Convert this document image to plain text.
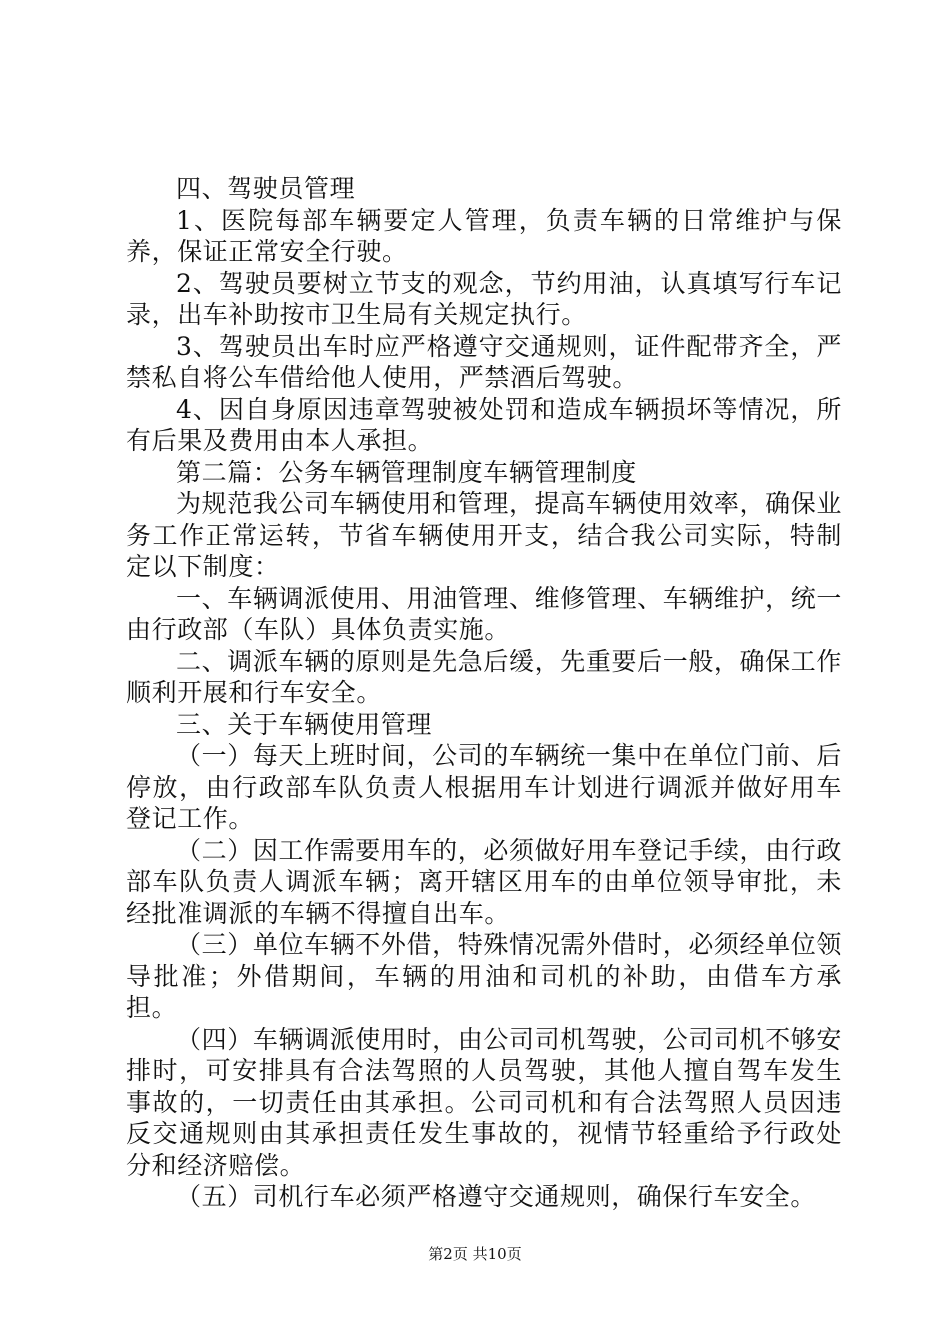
四、驾驶员管理

1、医院每部车辆要定人管理，负责车辆的日常维护与保养，保证正常安全行驶。

2、驾驶员要树立节支的观念，节约用油，认真填写行车记录，出车补助按市卫生局有关规定执行。

3、驾驶员出车时应严格遵守交通规则，证件配带齐全，严禁私自将公车借给他人使用，严禁酒后驾驶。

4、因自身原因违章驾驶被处罚和造成车辆损坏等情况，所有后果及费用由本人承担。

第二篇：公务车辆管理制度车辆管理制度

为规范我公司车辆使用和管理，提高车辆使用效率，确保业务工作正常运转，节省车辆使用开支，结合我公司实际，特制定以下制度：

一、车辆调派使用、用油管理、维修管理、车辆维护，统一由行政部（车队）具体负责实施。

二、调派车辆的原则是先急后缓，先重要后一般，确保工作顺利开展和行车安全。

三、关于车辆使用管理

（一）每天上班时间，公司的车辆统一集中在单位门前、后停放，由行政部车队负责人根据用车计划进行调派并做好用车登记工作。

（二）因工作需要用车的，必须做好用车登记手续，由行政部车队负责人调派车辆；离开辖区用车的由单位领导审批，未经批准调派的车辆不得擅自出车。

（三）单位车辆不外借，特殊情况需外借时，必须经单位领导批准；外借期间，车辆的用油和司机的补助，由借车方承担。

（四）车辆调派使用时，由公司司机驾驶，公司司机不够安排时，可安排具有合法驾照的人员驾驶，其他人擅自驾车发生事故的，一切责任由其承担。公司司机和有合法驾照人员因违反交通规则由其承担责任发生事故的，视情节轻重给予行政处分和经济赔偿。

（五）司机行车必须严格遵守交通规则，确保行车安全。

第2页 共10页
